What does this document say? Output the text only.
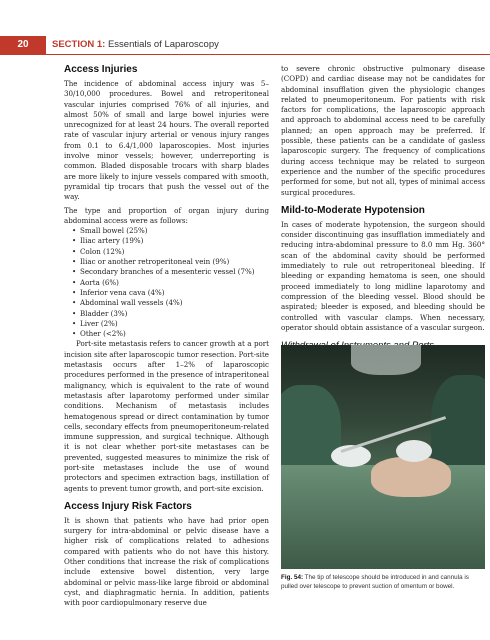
20	SECTION 1: Essentials of Laparoscopy
Access Injuries

The incidence of abdominal access injury was 5–30/10,000 procedures. Bowel and retroperitoneal vascular injuries comprised 76% of all injuries, and almost 50% of small and large bowel injuries were unrecognized for at least 24 hours. The overall reported rate of vascular injury arterial or venous injury ranges from 0.1 to 6.4/1,000 laparoscopies. Most injuries involve minor vessels; however, underreporting is common. Bladed disposable trocars with sharp blades are more likely to injure vessels compared with smooth, pyramidal tip trocars that push the vessel out of the way.

The type and proportion of organ injury during abdominal access were as follows:

• Small bowel (25%)
• Iliac artery (19%)
• Colon (12%)
• Iliac or another retroperitoneal vein (9%)
• Secondary branches of a mesenteric vessel (7%)
• Aorta (6%)
• Inferior vena cava (4%)
• Abdominal wall vessels (4%)
• Bladder (3%)
• Liver (2%)
• Other (<2%)

Port-site metastasis refers to cancer growth at a port incision site after laparoscopic tumor resection. Port-site metastasis occurs after 1–2% of laparoscopic procedures performed in the presence of intraperitoneal malignancy, which is equivalent to the rate of wound metastasis after laparotomy performed under similar conditions. Mechanism of metastasis includes hematogenous spread or direct contamination by tumor cells, secondary effects from pneumoperitoneum-related immune suppression, and surgical technique. Although it is not clear whether port-site metastases can be prevented, suggested measures to minimize the risk of port-site metastases include the use of wound protectors and specimen extraction bags, instillation of agents to prevent tumor growth, and port-site excision.

Access Injury Risk Factors

It is shown that patients who have had prior open surgery for intra-abdominal or pelvic disease have a higher risk of complications related to adhesions compared with patients who do not have this history. Other conditions that increase the risk of complications include extensive bowel distention, very large abdominal or pelvic mass-like large fibroid or abdominal cyst, and diaphragmatic hernia. In addition, patients with poor cardiopulmonary reserve due

to severe chronic obstructive pulmonary disease (COPD) and cardiac disease may not be candidates for abdominal insufflation given the physiologic changes related to pneumoperitoneum. For patients with risk factors for complications, the laparoscopic approach and approach to abdominal access need to be carefully planned; an open approach may be preferred. If possible, these patients can be a candidate of gasless laparoscopic surgery. The frequency of complications during access technique may be related to surgeon experience and the number of the specific procedures performed for some, but not all, types of minimal access surgical procedures.

Mild-to-Moderate Hypotension

In cases of moderate hypotension, the surgeon should consider discontinuing gas insufflation immediately and reducing intra-abdominal pressure to 8.0 mm Hg. 360° scan of the abdominal cavity should be performed immediately to rule out retroperitoneal bleeding. If bleeding or expanding hematoma is seen, one should proceed immediately to long midline laparotomy and compression of the bleeding vessel. Blood should be aspirated; bleeder is exposed, and bleeding should be controlled with vascular clamps. When necessary, operator should obtain assistance of a vascular surgeon.

Fig. 54: The tip of telescope should be introduced in and cannula is pulled over telescope to prevent suction of omentum or bowel.
